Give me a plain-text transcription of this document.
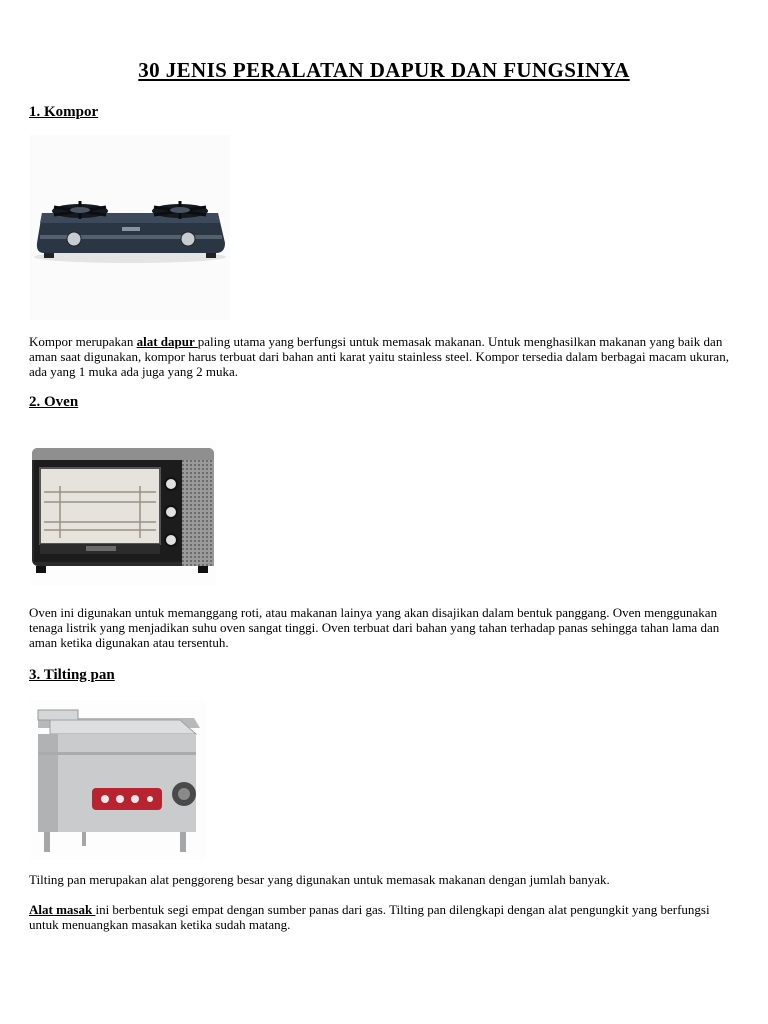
30 JENIS PERALATAN DAPUR DAN FUNGSINYA
1. Kompor

Kompor merupakan alat dapur paling utama yang berfungsi untuk memasak makanan. Untuk menghasilkan makanan yang baik dan aman saat digunakan, kompor harus terbuat dari bahan anti karat yaitu stainless steel. Kompor tersedia dalam berbagai macam ukuran, ada yang 1 muka ada juga yang 2 muka.

2. Oven

Oven ini digunakan untuk memanggang roti, atau makanan lainya yang akan disajikan dalam bentuk panggang. Oven menggunakan tenaga listrik yang menjadikan suhu oven sangat tinggi. Oven terbuat dari bahan yang tahan terhadap panas sehingga tahan lama dan aman ketika digunakan atau tersentuh.

3. Tilting pan

Tilting pan merupakan alat penggoreng besar yang digunakan untuk memasak makanan dengan jumlah banyak.

Alat masak ini berbentuk segi empat dengan sumber panas dari gas. Tilting pan dilengkapi dengan alat pengungkit yang berfungsi untuk menuangkan masakan ketika sudah matang.
